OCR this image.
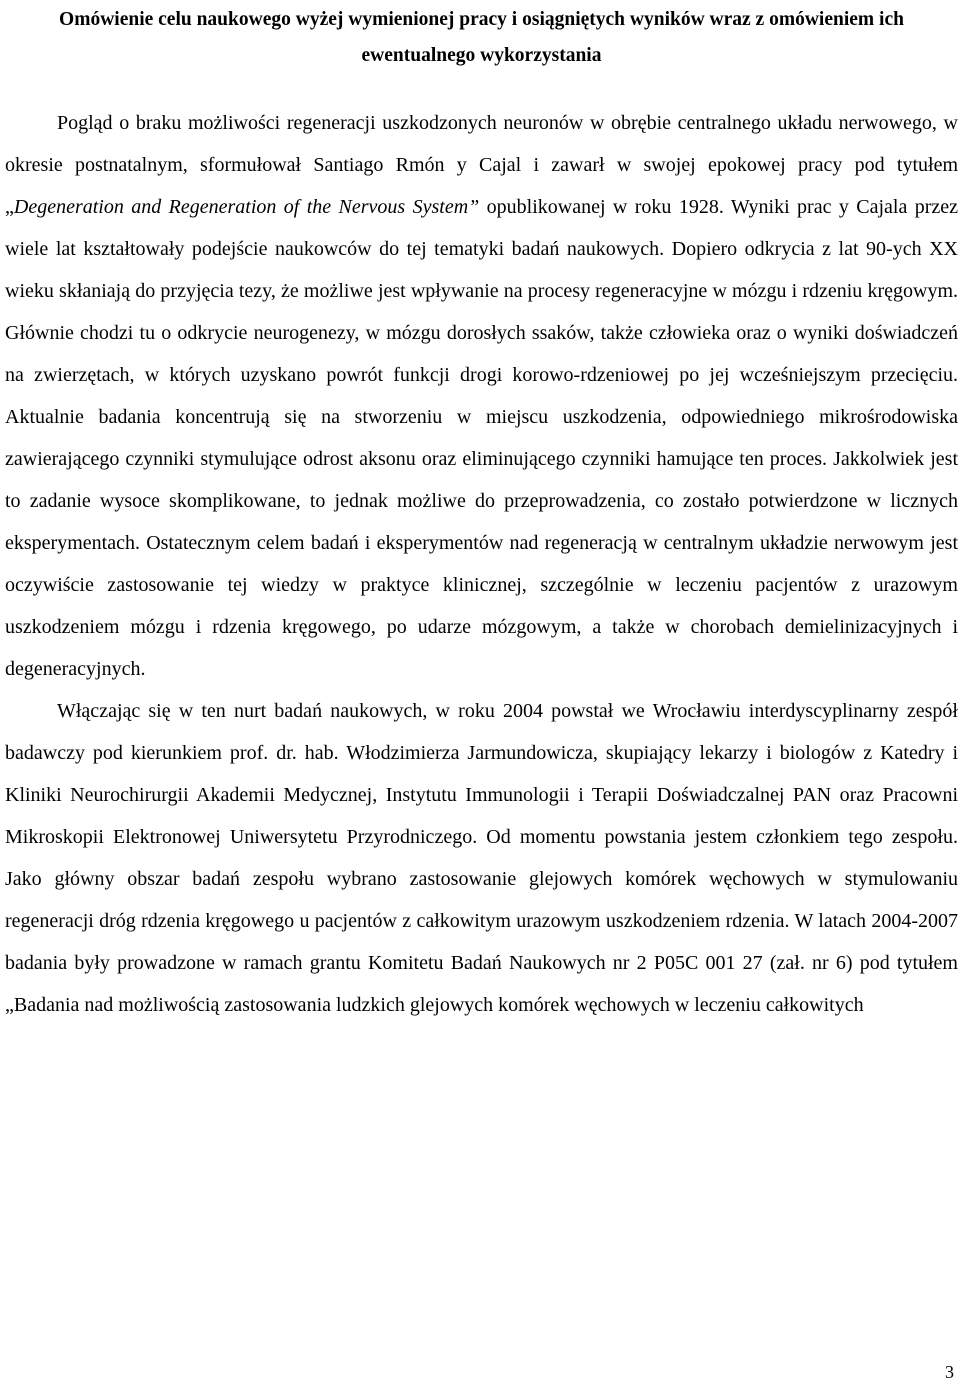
Omówienie celu naukowego wyżej wymienionej pracy i osiągniętych wyników wraz z omówieniem ich ewentualnego wykorzystania

Pogląd o braku możliwości regeneracji uszkodzonych neuronów w obrębie centralnego układu nerwowego, w okresie postnatalnym, sformułował Santiago Rmón y Cajal i zawarł w swojej epokowej pracy pod tytułem „Degeneration and Regeneration of the Nervous System” opublikowanej w roku 1928. Wyniki prac y Cajala przez wiele lat kształtowały podejście naukowców do tej tematyki badań naukowych. Dopiero odkrycia z lat 90-ych XX wieku skłaniają do przyjęcia tezy, że możliwe jest wpływanie na procesy regeneracyjne w mózgu i rdzeniu kręgowym. Głównie chodzi tu o odkrycie neurogenezy, w mózgu dorosłych ssaków, także człowieka oraz o wyniki doświadczeń na zwierzętach, w których uzyskano powrót funkcji drogi korowo-rdzeniowej po jej wcześniejszym przecięciu. Aktualnie badania koncentrują się na stworzeniu w miejscu uszkodzenia, odpowiedniego mikrośrodowiska zawierającego czynniki stymulujące odrost aksonu oraz eliminującego czynniki hamujące ten proces. Jakkolwiek jest to zadanie wysoce skomplikowane, to jednak możliwe do przeprowadzenia, co zostało potwierdzone w licznych eksperymentach. Ostatecznym celem badań i eksperymentów nad regeneracją w centralnym układzie nerwowym jest oczywiście zastosowanie tej wiedzy w praktyce klinicznej, szczególnie w leczeniu pacjentów z urazowym uszkodzeniem mózgu i rdzenia kręgowego, po udarze mózgowym, a także w chorobach demielinizacyjnych i degeneracyjnych.

Włączając się w ten nurt badań naukowych, w roku 2004 powstał we Wrocławiu interdyscyplinarny zespół badawczy pod kierunkiem prof. dr. hab. Włodzimierza Jarmundowicza, skupiający lekarzy i biologów z Katedry i Kliniki Neurochirurgii Akademii Medycznej, Instytutu Immunologii i Terapii Doświadczalnej PAN oraz Pracowni Mikroskopii Elektronowej Uniwersytetu Przyrodniczego. Od momentu powstania jestem członkiem tego zespołu. Jako główny obszar badań zespołu wybrano zastosowanie glejowych komórek węchowych w stymulowaniu regeneracji dróg rdzenia kręgowego u pacjentów z całkowitym urazowym uszkodzeniem rdzenia. W latach 2004-2007 badania były prowadzone w ramach grantu Komitetu Badań Naukowych nr 2 P05C 001 27 (zał. nr 6) pod tytułem „Badania nad możliwością zastosowania ludzkich glejowych komórek węchowych w leczeniu całkowitych

3
